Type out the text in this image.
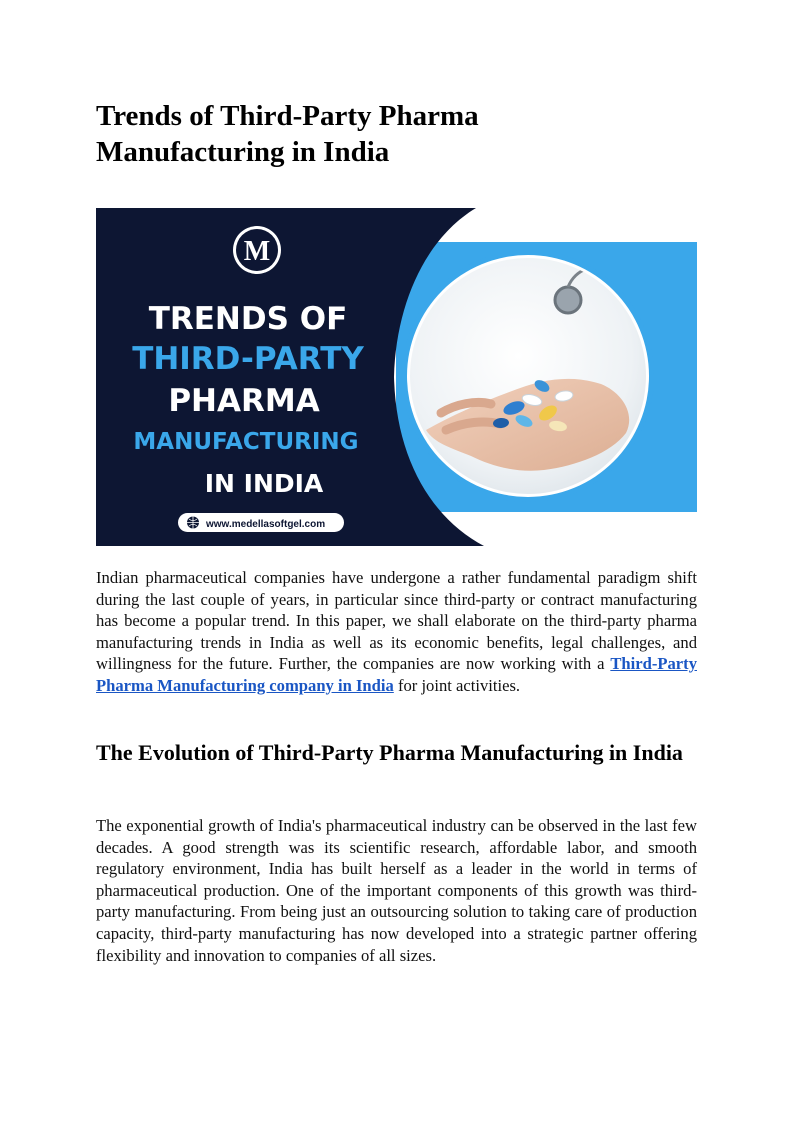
Trends of Third-Party Pharma
Manufacturing in India
M
TRENDS OF
THIRD-PARTY
PHARMA
MANUFACTURING
IN INDIA
www.medellasoftgel.com

Indian pharmaceutical companies have undergone a rather fundamental paradigm shift during the last couple of years, in particular since third-party or contract manufacturing has become a popular trend. In this paper, we shall elaborate on the third-party pharma manufacturing trends in India as well as its economic benefits, legal challenges, and willingness for the future. Further, the companies are now working with a Third-Party Pharma Manufacturing company in India for joint activities.

The Evolution of Third-Party Pharma Manufacturing in India

The exponential growth of India's pharmaceutical industry can be observed in the last few decades. A good strength was its scientific research, affordable labor, and smooth regulatory environment, India has built herself as a leader in the world in terms of pharmaceutical production. One of the important components of this growth was third-party manufacturing. From being just an outsourcing solution to taking care of production capacity, third-party manufacturing has now developed into a strategic partner offering flexibility and innovation to companies of all sizes.
